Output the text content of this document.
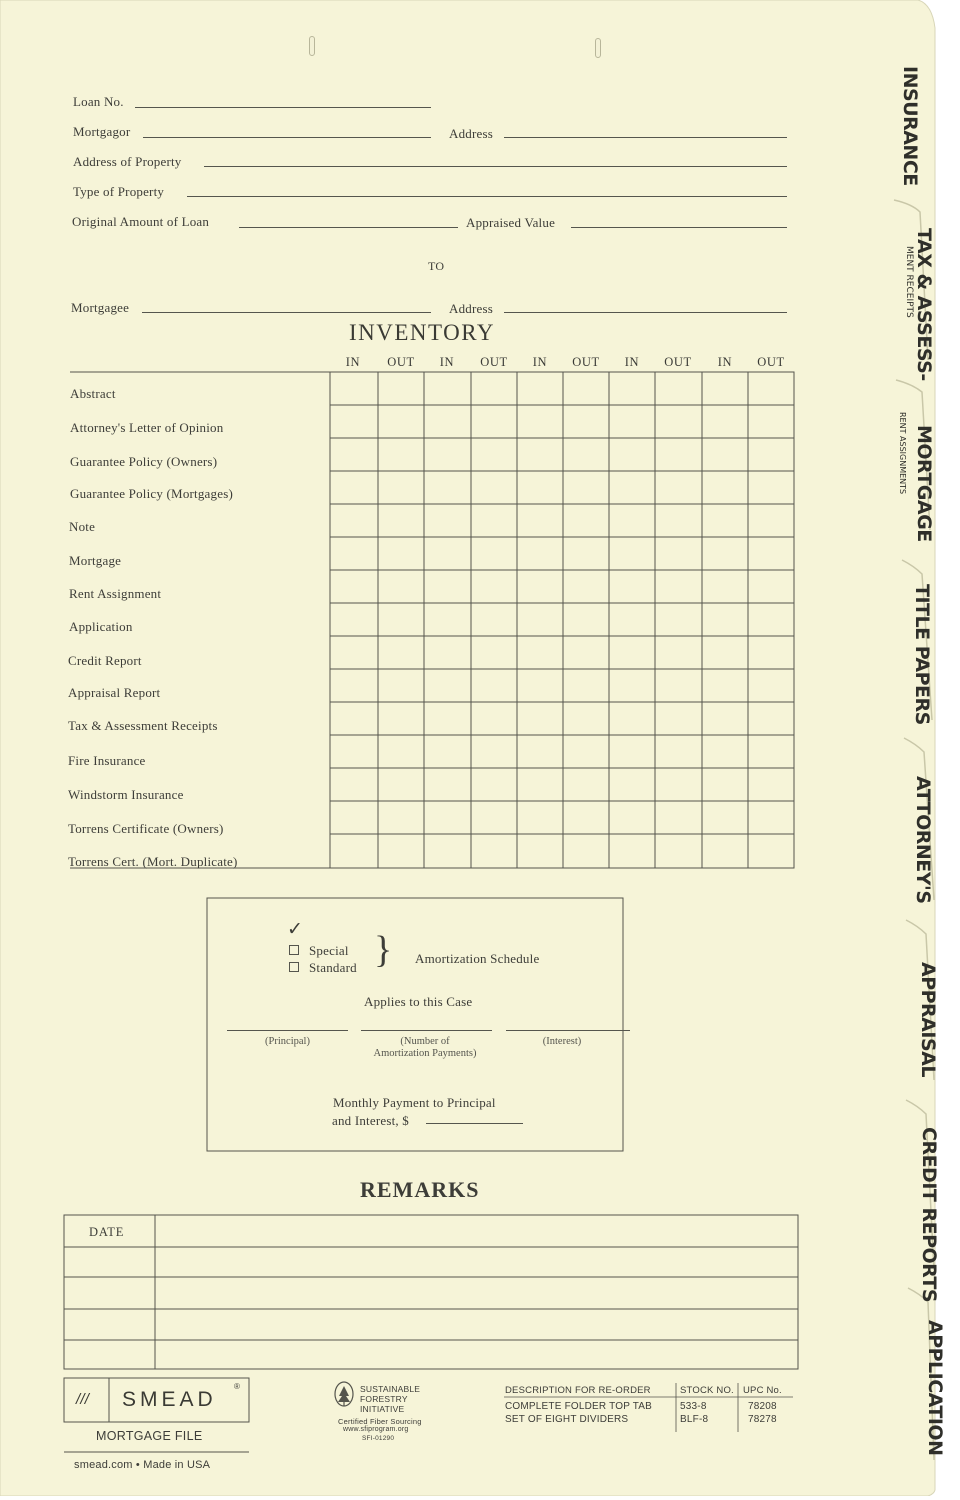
Loan No.
Mortgagor	Address
Address of Property
Type of Property
Original Amount of Loan	Appraised Value
TO
Mortgagee	Address
INVENTORY
IN	OUT	IN	OUT	IN	OUT	IN	OUT	IN	OUT
Abstract
Attorney's Letter of Opinion
Guarantee Policy (Owners)
Guarantee Policy (Mortgages)
Note
Mortgage
Rent Assignment
Application
Credit Report
Appraisal Report
Tax & Assessment Receipts
Fire Insurance
Windstorm Insurance
Torrens Certificate (Owners)
Torrens Cert. (Mort. Duplicate)
✓
Special
Standard } Amortization Schedule
Applies to this Case
(Principal)	(Number of
Amortization Payments)
(Interest)
Monthly Payment to Principal
and Interest, $
REMARKS
DATE
/// SMEAD
®
MORTGAGE FILE
smead.com • Made in USA
SUSTAINABLE
FORESTRY
INITIATIVE
Certified Fiber Sourcing
www.sfiprogram.org
SFI-01290
DESCRIPTION FOR RE-ORDER	STOCK NO. UPC No.
COMPLETE FOLDER TOP TAB	533-8	78208
SET OF EIGHT DIVIDERS	BLF-8	78278
INSURANCE
TAX & ASSESS-
MENT RECEIPTS
MORTGAGE
RENT ASSIGNMENTS
TITLE PAPERS
ATTORNEY'S
APPRAISAL
CREDIT REPORTS
APPLICATION
